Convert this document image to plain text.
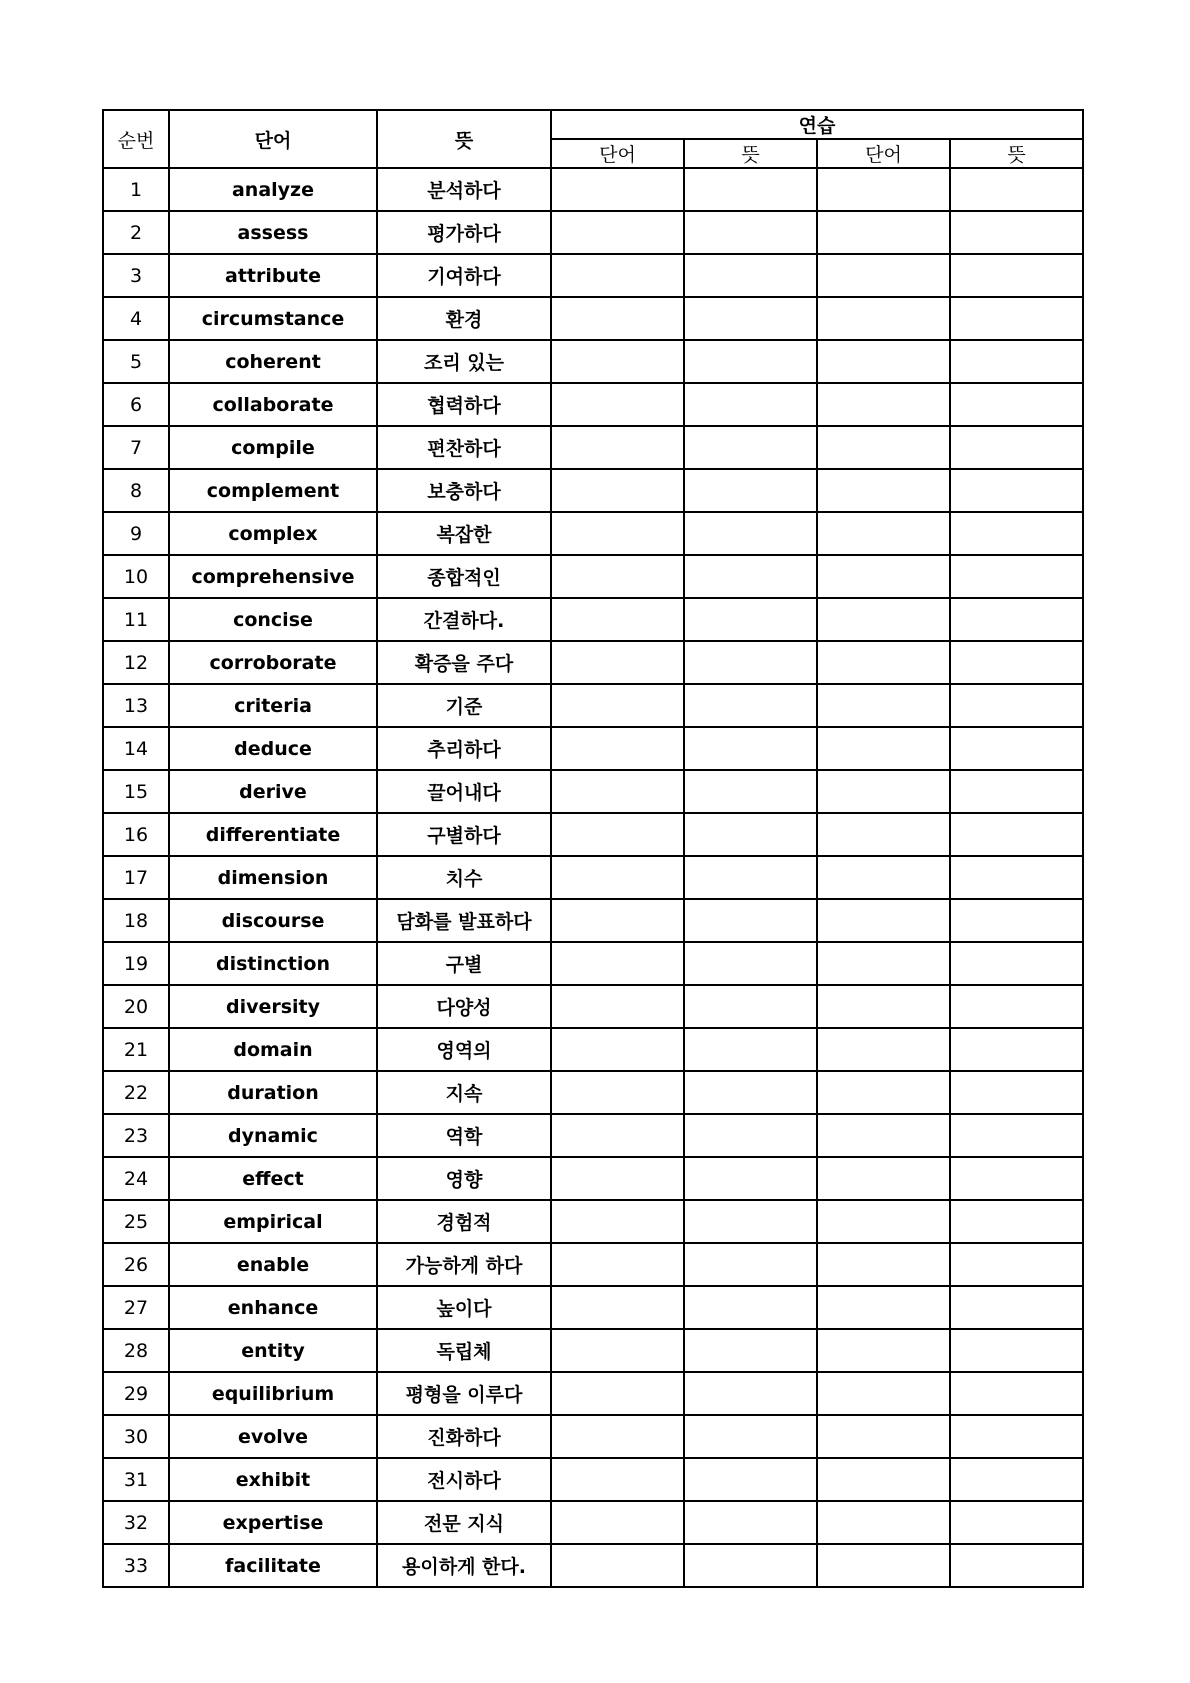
순번	단어	뜻	연습			
			단어	뜻	단어	뜻
1	analyze	분석하다				
2	assess	평가하다				
3	attribute	기여하다				
4	circumstance	환경				
5	coherent	조리 있는				
6	collaborate	협력하다				
7	compile	편찬하다				
8	complement	보충하다				
9	complex	복잡한				
10	comprehensive	종합적인				
11	concise	간결하다.				
12	corroborate	확증을 주다				
13	criteria	기준				
14	deduce	추리하다				
15	derive	끌어내다				
16	differentiate	구별하다				
17	dimension	치수				
18	discourse	담화를 발표하다				
19	distinction	구별				
20	diversity	다양성				
21	domain	영역의				
22	duration	지속				
23	dynamic	역학				
24	effect	영향				
25	empirical	경험적				
26	enable	가능하게 하다				
27	enhance	높이다				
28	entity	독립체				
29	equilibrium	평형을 이루다				
30	evolve	진화하다				
31	exhibit	전시하다				
32	expertise	전문 지식				
33	facilitate	용이하게 한다.				
